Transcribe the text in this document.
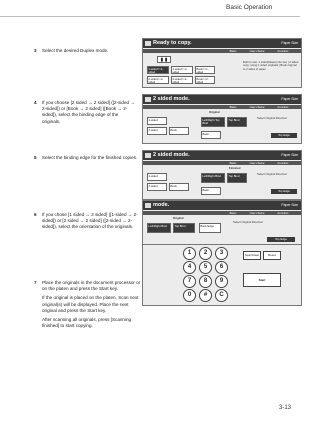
Basic Operation
3 Select the desired Duplex mode.

4 If you choose [2 sided → 2 sided] ([2-sided → 2-sided]) or [Book → 2 sided] ([Book → 2-sided]), select the binding edge of the originals.

5 Select the binding edge for the finished copies.

6 If you chose [1 sided → 2 sided] ([1-sided → 2-sided]) or [2 sided → 2 sided] ([2-sided → 2-sided]), select the orientation of the originals.

7 Place the originals in the document processor or on the platen and press the Start key.

If the original is placed on the platen, Scan next original(s) will be displayed. Place the next original and press the Start key.

After scanning all originals, press [Scanning finished] to start copying.

Ready to copy.	Paper Size
Basic	User choice	Function
▮ ▮
1-sided>>1-sided
1-sided>>2-sided
2-sided>>2-sided
2-sided>>1-sided
Book>>1-sided
Book>>2-sided
Both to two: 1 sided(Glass) into two | 2 sided copy: using 1 sided originals | Book original to 2 sides of paper
2 sided mode.	Paper Size
Basic	User choice	Function
Original
1-sided
2-sided	Book
Left/Right Top Bind
Top Bind
Back
Select Original Direction
Top Edge
2 sided mode.	Paper Size
Basic	User choice	Function
Finished
1-sided
2-sided	Book
Left/Right Bind	Top Bind
Back
Select Original Direction
Top Edge
mode.	Paper Size
Basic	User choice	Function
Original
Left/Right Bind	Top Bind	Back Edge
Select Original Direction
Top Edge
1	2	3
4	5	6
7	8	9
0	#	C
Stop/Clear	Reset
Start
3-13
